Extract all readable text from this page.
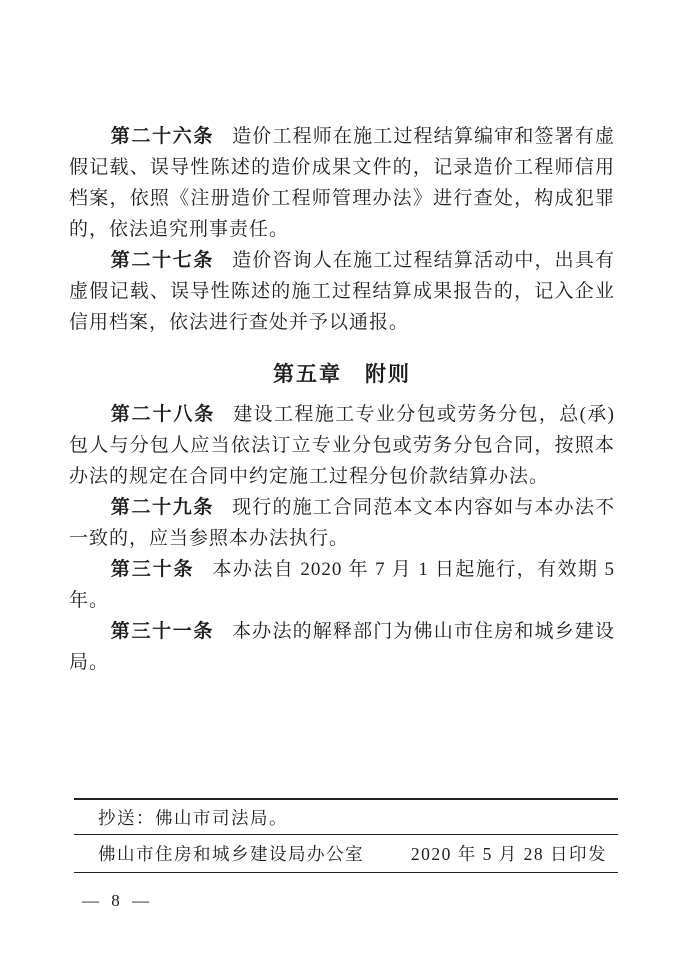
第二十六条 造价工程师在施工过程结算编审和签署有虚假记载、误导性陈述的造价成果文件的，记录造价工程师信用档案，依照《注册造价工程师管理办法》进行查处，构成犯罪的，依法追究刑事责任。

第二十七条 造价咨询人在施工过程结算活动中，出具有虚假记载、误导性陈述的施工过程结算成果报告的，记入企业信用档案，依法进行查处并予以通报。

第五章　附则

第二十八条 建设工程施工专业分包或劳务分包，总(承)包人与分包人应当依法订立专业分包或劳务分包合同，按照本办法的规定在合同中约定施工过程分包价款结算办法。

第二十九条 现行的施工合同范本文本内容如与本办法不一致的，应当参照本办法执行。

第三十条 本办法自 2020 年 7 月 1 日起施行，有效期 5 年。

第三十一条 本办法的解释部门为佛山市住房和城乡建设局。

抄送：佛山市司法局。
佛山市住房和城乡建设局办公室	2020 年 5 月 28 日印发
— 8 —
